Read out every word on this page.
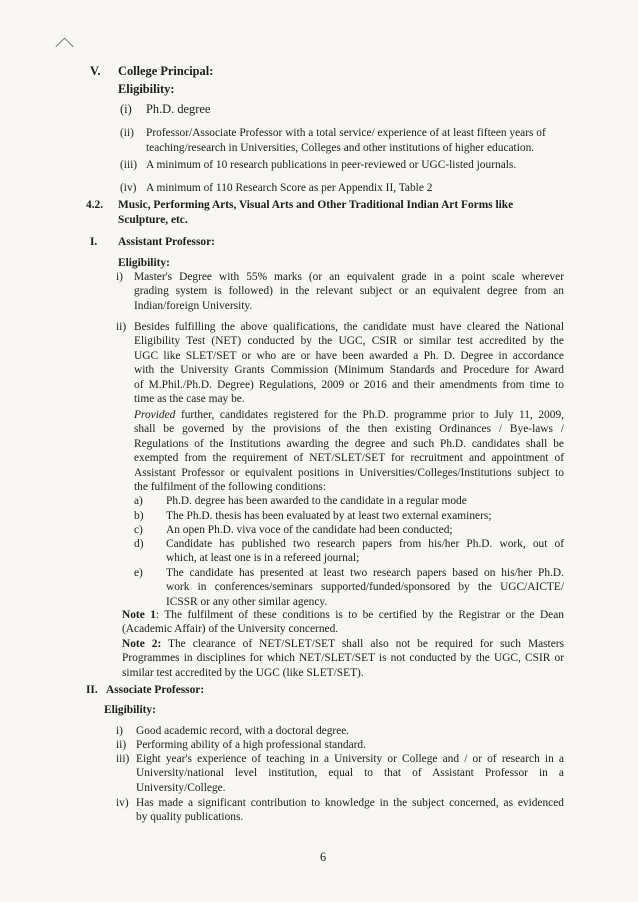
V. College Principal:
Eligibility:
(i) Ph.D. degree
(ii) Professor/Associate Professor with a total service/ experience of at least fifteen years of
teaching/research in Universities, Colleges and other institutions of higher education.
(iii) A minimum of 10 research publications in peer-reviewed or UGC-listed journals.
(iv) A minimum of 110 Research Score as per Appendix II, Table 2
4.2. Music, Performing Arts, Visual Arts and Other Traditional Indian Art Forms like
Sculpture, etc.
I. Assistant Professor:
Eligibility:
i) Master's Degree with 55% marks (or an equivalent grade in a point scale wherever
grading system is followed) in the relevant subject or an equivalent degree from an
Indian/foreign University.
ii) Besides fulfilling the above qualifications, the candidate must have cleared the National
Eligibility Test (NET) conducted by the UGC, CSIR or similar test accredited by the
UGC like SLET/SET or who are or have been awarded a Ph. D. Degree in accordance
with the University Grants Commission (Minimum Standards and Procedure for Award
of M.Phil./Ph.D. Degree) Regulations, 2009 or 2016 and their amendments from time to
time as the case may be.
Provided further, candidates registered for the Ph.D. programme prior to July 11, 2009,
shall be governed by the provisions of the then existing Ordinances / Bye-laws /
Regulations of the Institutions awarding the degree and such Ph.D. candidates shall be
exempted from the requirement of NET/SLET/SET for recruitment and appointment of
Assistant Professor or equivalent positions in Universities/Colleges/Institutions subject to
the fulfilment of the following conditions:
a) Ph.D. degree has been awarded to the candidate in a regular mode
b) The Ph.D. thesis has been evaluated by at least two external examiners;
c) An open Ph.D. viva voce of the candidate had been conducted;
d) Candidate has published two research papers from his/her Ph.D. work, out of
which, at least one is in a refereed journal;
e) The candidate has presented at least two research papers based on his/her Ph.D.
work in conferences/seminars supported/funded/sponsored by the UGC/AICTE/
ICSSR or any other similar agency.
Note 1: The fulfilment of these conditions is to be certified by the Registrar or the Dean
(Academic Affair) of the University concerned.
Note 2: The clearance of NET/SLET/SET shall also not be required for such Masters
Programmes in disciplines for which NET/SLET/SET is not conducted by the UGC, CSIR or
similar test accredited by the UGC (like SLET/SET).
II. Associate Professor:
Eligibility:
i) Good academic record, with a doctoral degree.
ii) Performing ability of a high professional standard.
iii) Eight year's experience of teaching in a University or College and / or of research in a
University/national level institution, equal to that of Assistant Professor in a
University/College.
iv) Has made a significant contribution to knowledge in the subject concerned, as evidenced
by quality publications.
6
